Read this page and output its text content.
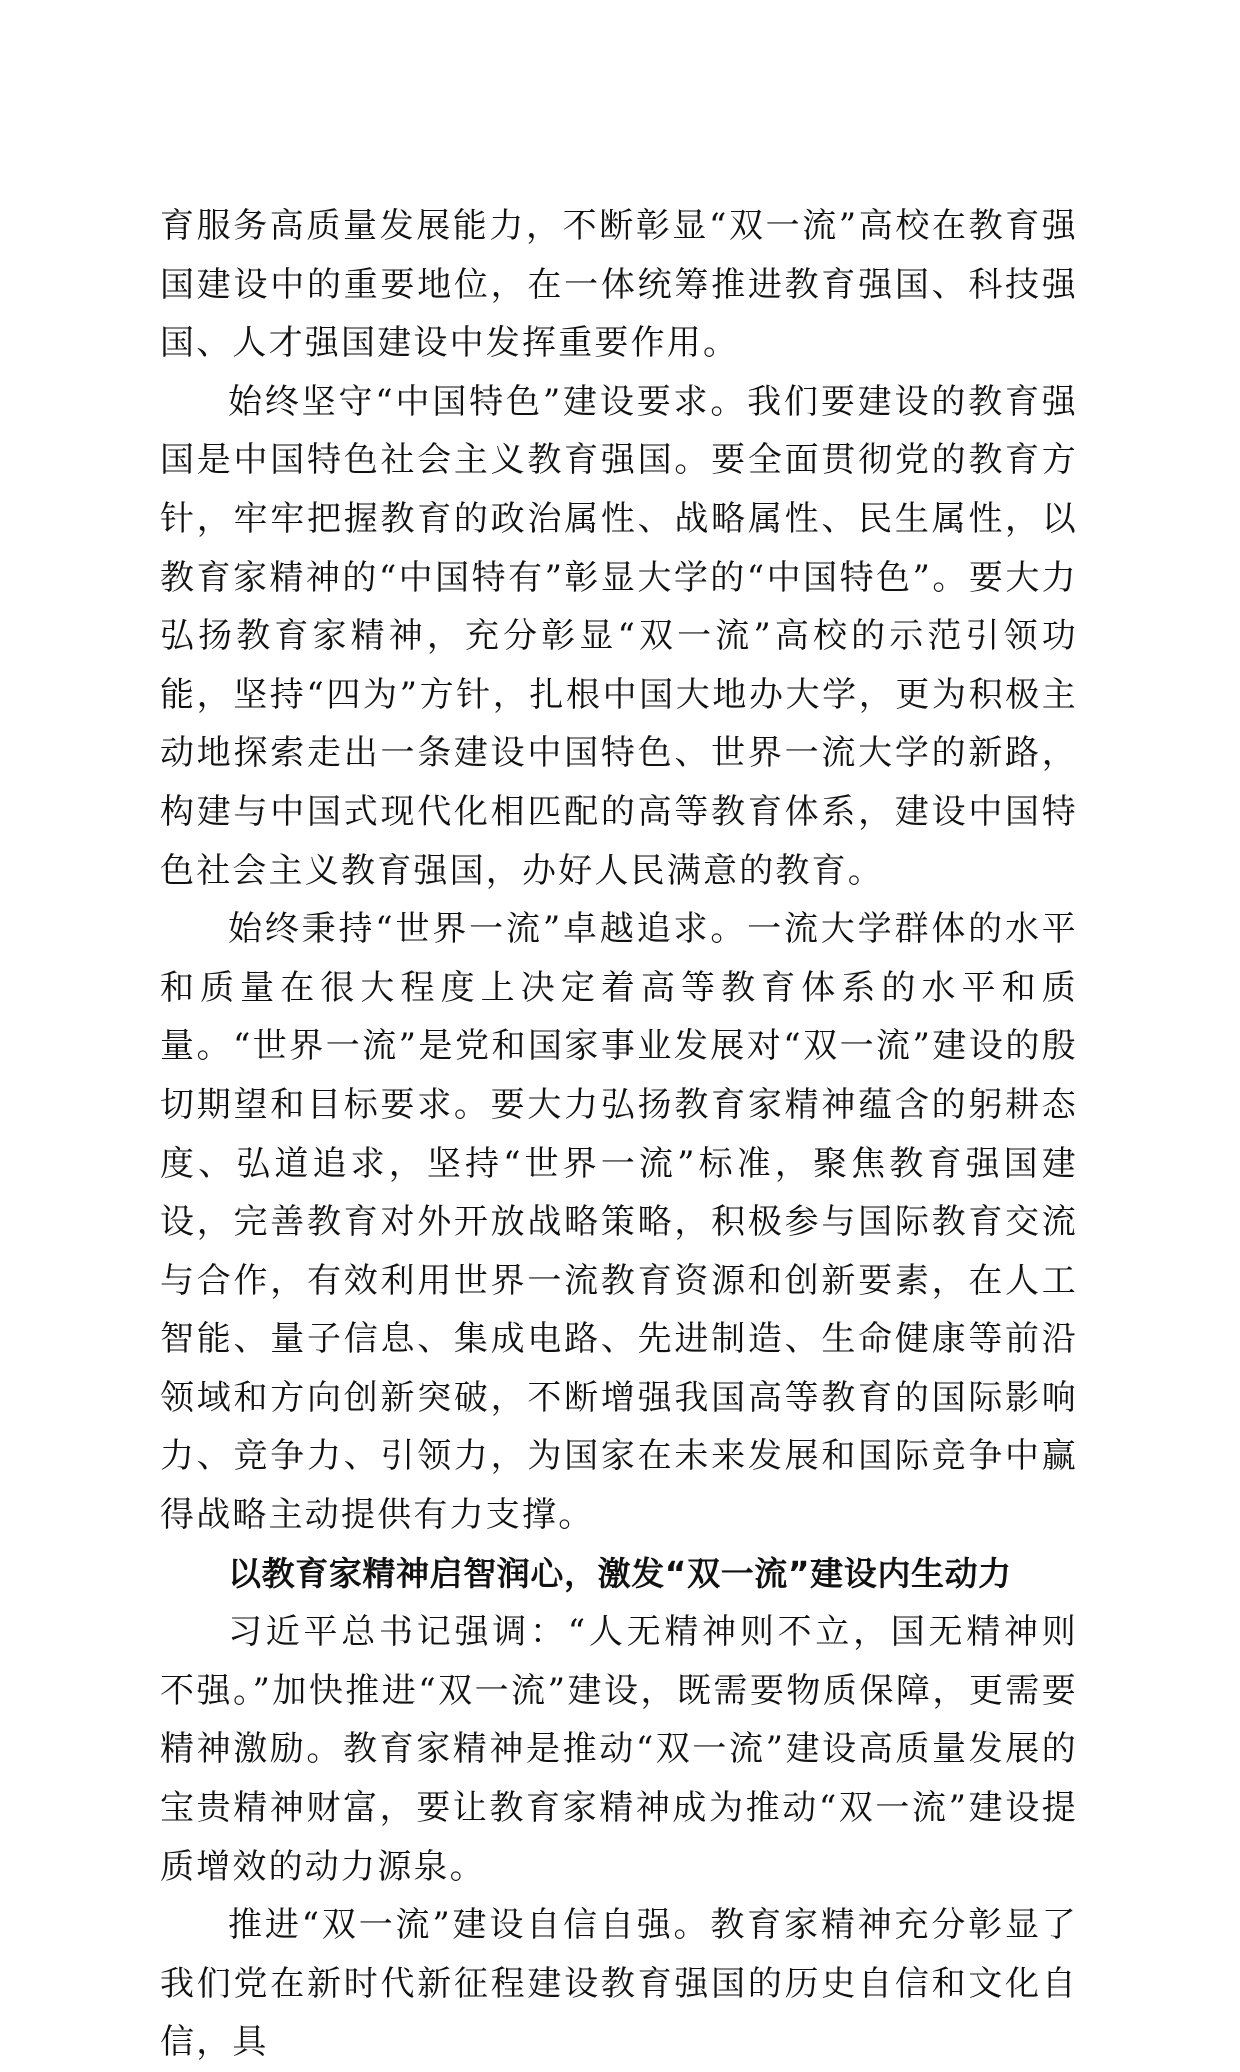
育服务高质量发展能力，不断彰显“双一流”高校在教育强国建设中的重要地位，在一体统筹推进教育强国、科技强国、人才强国建设中发挥重要作用。

始终坚守“中国特色”建设要求。我们要建设的教育强国是中国特色社会主义教育强国。要全面贯彻党的教育方针，牢牢把握教育的政治属性、战略属性、民生属性，以教育家精神的“中国特有”彰显大学的“中国特色”。要大力弘扬教育家精神，充分彰显“双一流”高校的示范引领功能，坚持“四为”方针，扎根中国大地办大学，更为积极主动地探索走出一条建设中国特色、世界一流大学的新路，构建与中国式现代化相匹配的高等教育体系，建设中国特色社会主义教育强国，办好人民满意的教育。

始终秉持“世界一流”卓越追求。一流大学群体的水平和质量在很大程度上决定着高等教育体系的水平和质量。“世界一流”是党和国家事业发展对“双一流”建设的殷切期望和目标要求。要大力弘扬教育家精神蕴含的躬耕态度、弘道追求，坚持“世界一流”标准，聚焦教育强国建设，完善教育对外开放战略策略，积极参与国际教育交流与合作，有效利用世界一流教育资源和创新要素，在人工智能、量子信息、集成电路、先进制造、生命健康等前沿领域和方向创新突破，不断增强我国高等教育的国际影响力、竞争力、引领力，为国家在未来发展和国际竞争中赢得战略主动提供有力支撑。

以教育家精神启智润心，激发“双一流”建设内生动力

习近平总书记强调：“人无精神则不立，国无精神则不强。”加快推进“双一流”建设，既需要物质保障，更需要精神激励。教育家精神是推动“双一流”建设高质量发展的宝贵精神财富，要让教育家精神成为推动“双一流”建设提质增效的动力源泉。

推进“双一流”建设自信自强。教育家精神充分彰显了我们党在新时代新征程建设教育强国的历史自信和文化自信，具
